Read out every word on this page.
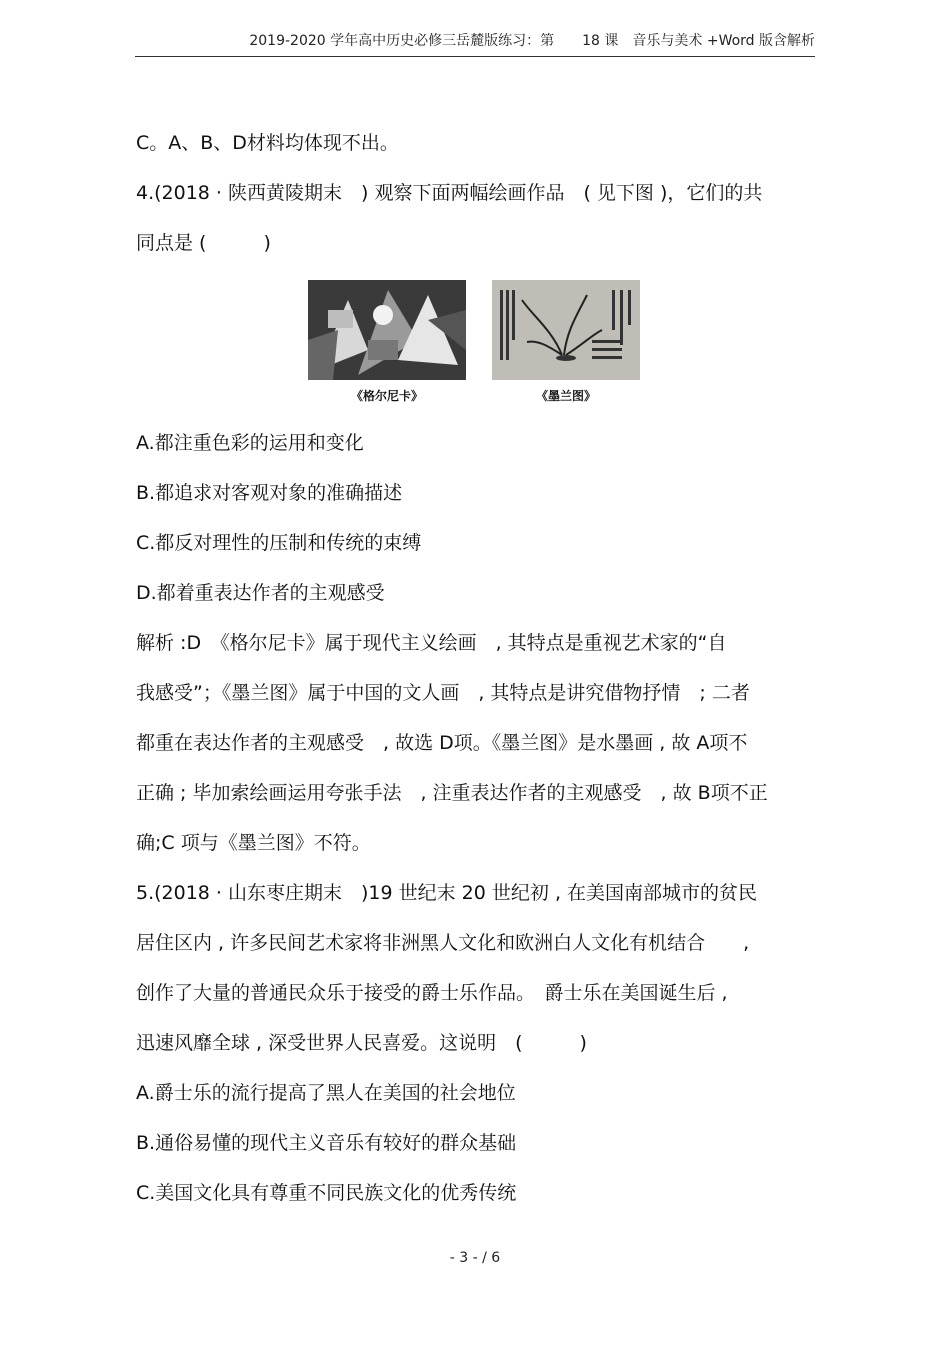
2019-2020 学年高中历史必修三岳麓版练习：第　　18 课　音乐与美术 +Word 版含解析
C。A、B、D材料均体现不出。
4.(2018 · 陕西黄陵期末　) 观察下面两幅绘画作品　( 见下图 )，它们的共
同点是 (　　　)
《格尔尼卡》	《墨兰图》
A.都注重色彩的运用和变化
B.都追求对客观对象的准确描述
C.都反对理性的压制和传统的束缚
D.都着重表达作者的主观感受
解析 :D　《格尔尼卡》属于现代主义绘画　, 其特点是重视艺术家的“自
我感受”；《墨兰图》属于中国的文人画　, 其特点是讲究借物抒情　; 二者
都重在表达作者的主观感受　, 故选 D项。《墨兰图》是水墨画 , 故 A项不
正确 ; 毕加索绘画运用夸张手法　, 注重表达作者的主观感受　, 故 B项不正
确;C 项与《墨兰图》不符。
5.(2018 · 山东枣庄期末　)19 世纪末 20 世纪初 , 在美国南部城市的贫民
居住区内 , 许多民间艺术家将非洲黑人文化和欧洲白人文化有机结合　　,
创作了大量的普通民众乐于接受的爵士乐作品。　爵士乐在美国诞生后 ,
迅速风靡全球 , 深受世界人民喜爱。这说明　(　　　)
A.爵士乐的流行提高了黑人在美国的社会地位
B.通俗易懂的现代主义音乐有较好的群众基础
C.美国文化具有尊重不同民族文化的优秀传统
- 3 - / 6
